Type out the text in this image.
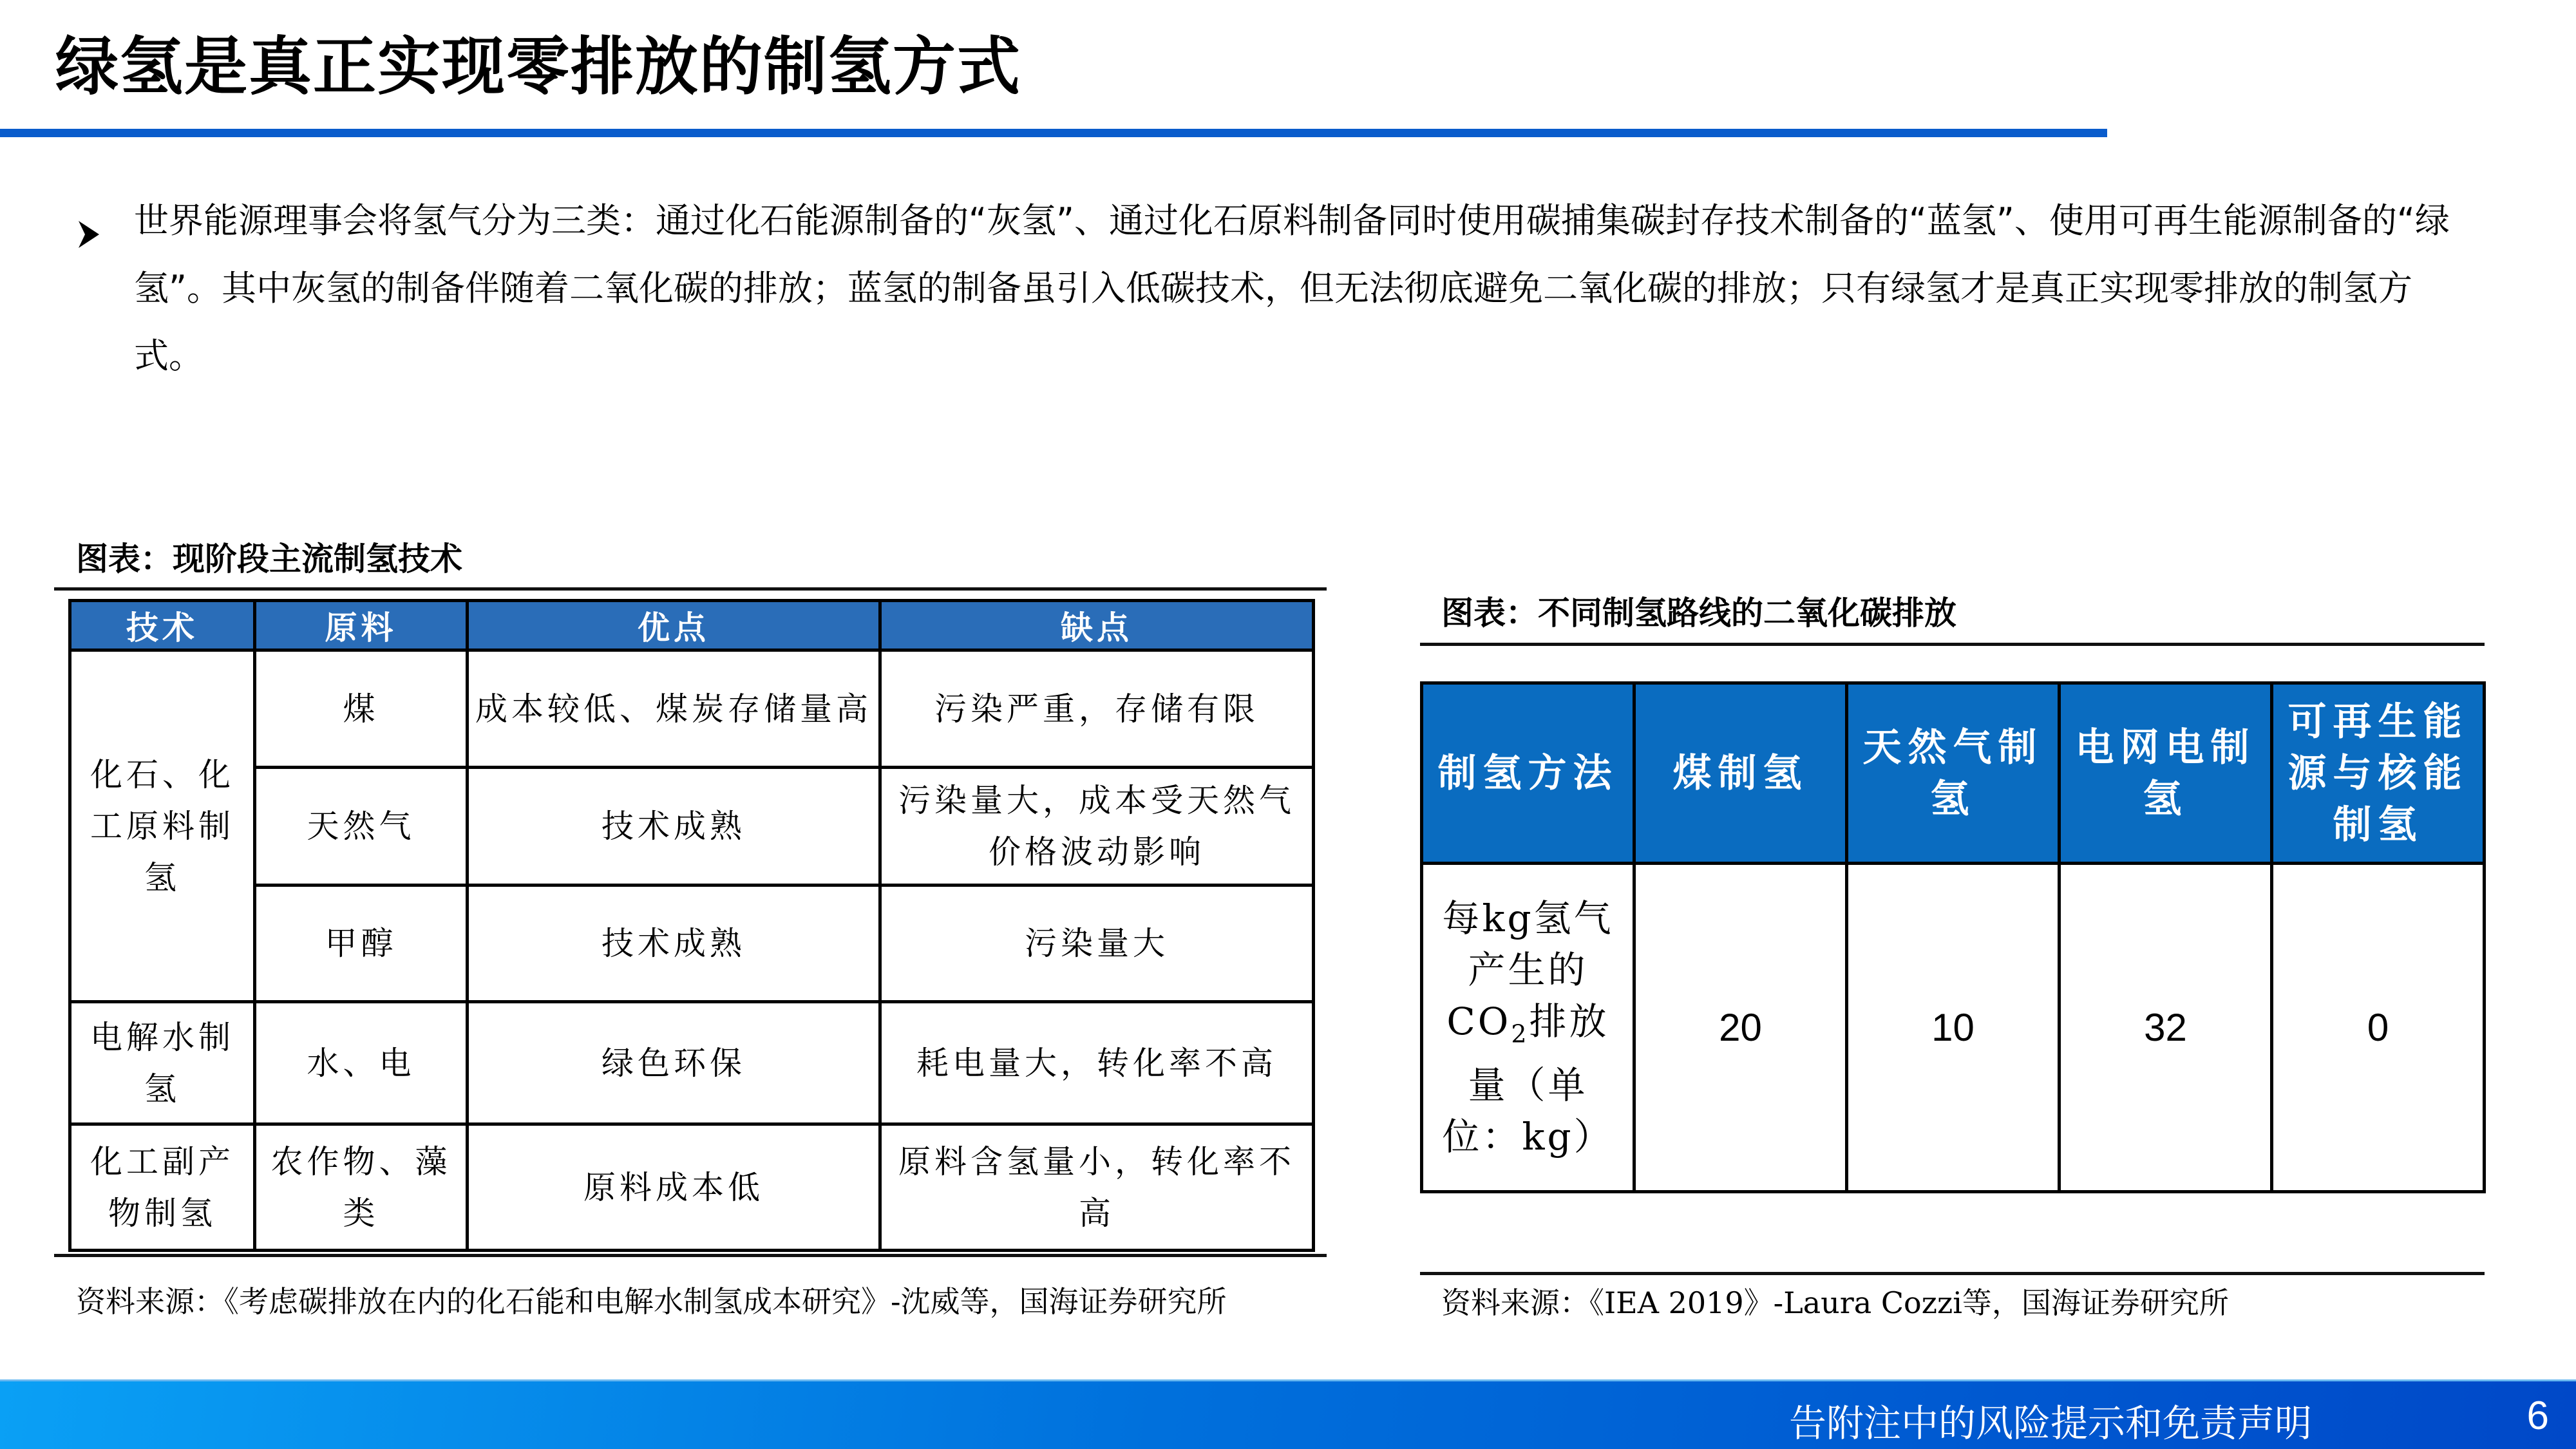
绿氢是真正实现零排放的制氢方式
世界能源理事会将氢气分为三类：通过化石能源制备的“灰氢”、通过化石原料制备同时使用碳捕集碳封存技术制备的“蓝氢”、使用可再生能源制备的“绿氢”。其中灰氢的制备伴随着二氧化碳的排放；蓝氢的制备虽引入低碳技术，但无法彻底避免二氧化碳的排放；只有绿氢才是真正实现零排放的制氢方式。
图表：现阶段主流制氢技术
技术	原料	优点	缺点
化石、化工原料制氢	煤	成本较低、煤炭存储量高	污染严重，存储有限
	天然气	技术成熟	污染量大，成本受天然气价格波动影响
	甲醇	技术成熟	污染量大
电解水制氢	水、电	绿色环保	耗电量大，转化率不高
化工副产物制氢	农作物、藻类	原料成本低	原料含氢量小，转化率不高
资料来源：《考虑碳排放在内的化石能和电解水制氢成本研究》-沈威等，国海证券研究所
图表：不同制氢路线的二氧化碳排放
制氢方法	煤制氢	天然气制氢	电网电制氢	可再生能源与核能制氢
每kg氢气产生的$CO_2$排放量（单位：kg）	20	10	32	0
资料来源：《IEA 2019》-Laura Cozzi等，国海证券研究所
告附注中的风险提示和免责声明	6
